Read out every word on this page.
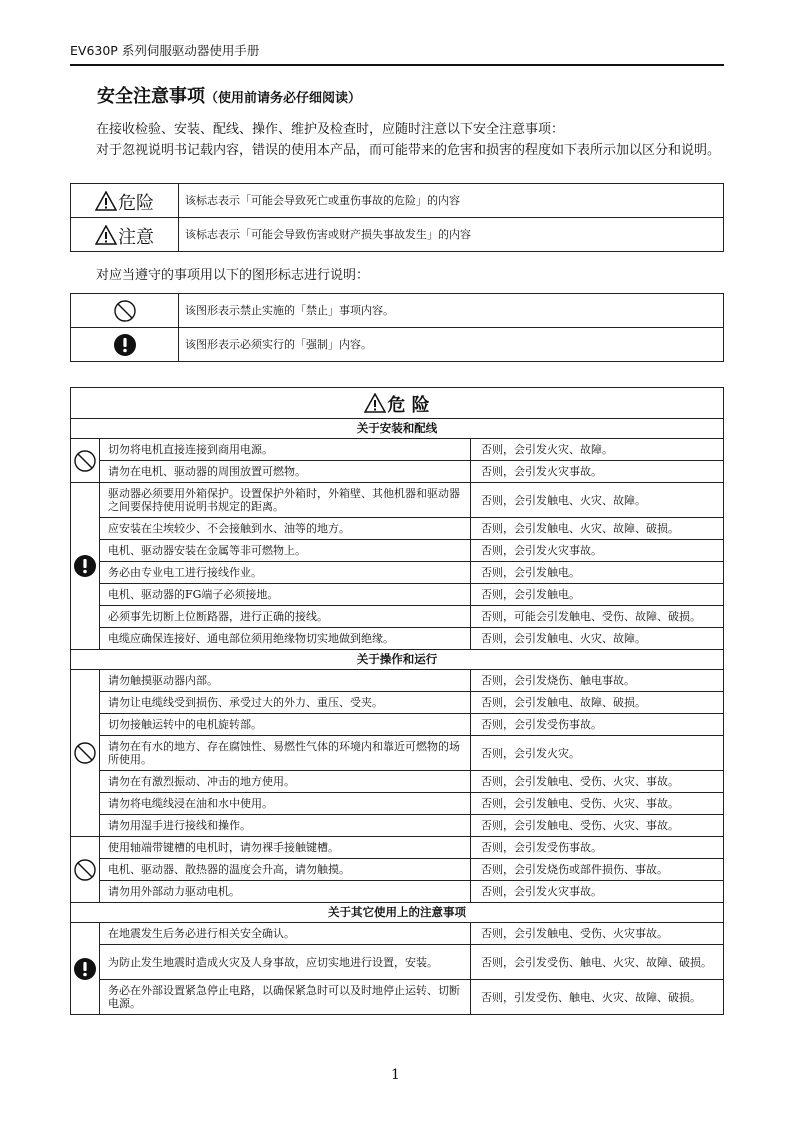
EV630P 系列伺服驱动器使用手册
安全注意事项（使用前请务必仔细阅读）
在接收检验、安装、配线、操作、维护及检查时，应随时注意以下安全注意事项：
对于忽视说明书记载内容，错误的使用本产品，而可能带来的危害和损害的程度如下表所示加以区分和说明。
危险	该标志表示「可能会导致死亡或重伤事故的危险」的内容
注意	该标志表示「可能会导致伤害或财产损失事故发生」的内容
对应当遵守的事项用以下的图形标志进行说明：
	该图形表示禁止实施的「禁止」事项内容。
	该图形表示必须实行的「强制」内容。
危 险		
关于安装和配线		
	切勿将电机直接连接到商用电源。	否则，会引发火灾、故障。
	请勿在电机、驱动器的周围放置可燃物。	否则，会引发火灾事故。
	驱动器必须要用外箱保护。设置保护外箱时，外箱壁、其他机器和驱动器之间要保持使用说明书规定的距离。	否则，会引发触电、火灾、故障。
	应安装在尘埃较少、不会接触到水、油等的地方。	否则，会引发触电、火灾、故障、破损。
	电机、驱动器安装在金属等非可燃物上。	否则，会引发火灾事故。
	务必由专业电工进行接线作业。	否则，会引发触电。
	电机、驱动器的FG端子必须接地。	否则，会引发触电。
	必须事先切断上位断路器，进行正确的接线。	否则，可能会引发触电、受伤、故障、破损。
	电缆应确保连接好、通电部位须用绝缘物切实地做到绝缘。	否则，会引发触电、火灾、故障。
关于操作和运行		
	请勿触摸驱动器内部。	否则，会引发烧伤、触电事故。
	请勿让电缆线受到损伤、承受过大的外力、重压、受夹。	否则，会引发触电、故障、破损。
	切勿接触运转中的电机旋转部。	否则，会引发受伤事故。
	请勿在有水的地方、存在腐蚀性、易燃性气体的环境内和靠近可燃物的场所使用。	否则，会引发火灾。
	请勿在有激烈振动、冲击的地方使用。	否则，会引发触电、受伤、火灾、事故。
	请勿将电缆线浸在油和水中使用。	否则，会引发触电、受伤、火灾、事故。
	请勿用湿手进行接线和操作。	否则，会引发触电、受伤、火灾、事故。
	使用轴端带键槽的电机时，请勿裸手接触键槽。	否则，会引发受伤事故。
	电机、驱动器、散热器的温度会升高，请勿触摸。	否则，会引发烧伤或部件损伤、事故。
	请勿用外部动力驱动电机。	否则，会引发火灾事故。
关于其它使用上的注意事项		
	在地震发生后务必进行相关安全确认。	否则，会引发触电、受伤、火灾事故。
	为防止发生地震时造成火灾及人身事故，应切实地进行设置，安装。	否则，会引发受伤、触电、火灾、故障、破损。
	务必在外部设置紧急停止电路，以确保紧急时可以及时地停止运转、切断电源。	否则，引发受伤、触电、火灾、故障、破损。
1
